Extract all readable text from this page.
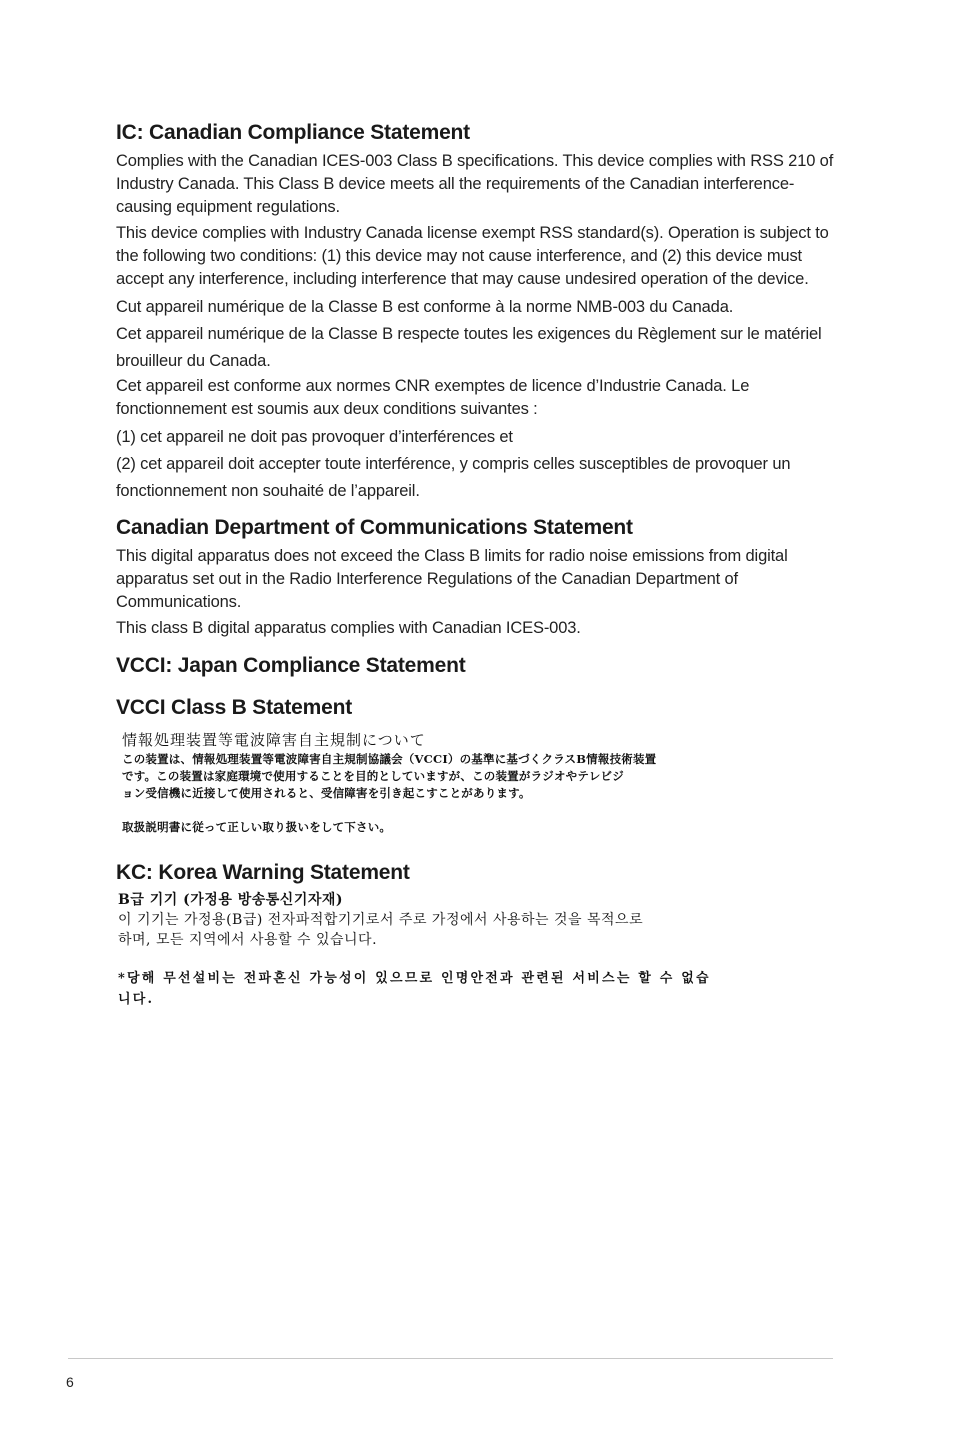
IC: Canadian Compliance Statement

Complies with the Canadian ICES-003 Class B specifications. This device complies with RSS 210 of Industry Canada. This Class B device meets all the requirements of the Canadian interference-causing equipment regulations.

This device complies with Industry Canada license exempt RSS standard(s). Operation is subject to the following two conditions: (1) this device may not cause interference, and (2) this device must accept any interference, including interference that may cause undesired operation of the device.

Cut appareil numérique de la Classe B est conforme à la norme NMB-003 du Canada.

Cet appareil numérique de la Classe B respecte toutes les exigences du Règlement sur le matériel brouilleur du Canada.

Cet appareil est conforme aux normes CNR exemptes de licence d’Industrie Canada. Le fonctionnement est soumis aux deux conditions suivantes :

(1) cet appareil ne doit pas provoquer d’interférences et

(2) cet appareil doit accepter toute interférence, y compris celles susceptibles de provoquer un fonctionnement non souhaité de l’appareil.

Canadian Department of Communications Statement

This digital apparatus does not exceed the Class B limits for radio noise emissions from digital apparatus set out in the Radio Interference Regulations of the Canadian Department of Communications.

This class B digital apparatus complies with Canadian ICES-003.

VCCI: Japan Compliance Statement
VCCI Class B Statement
情報処理装置等電波障害自主規制について
この装置は、情報処理装置等電波障害自主規制協議会（VCCI）の基準に基づくクラスB情報技術装置
です。この装置は家庭環境で使用することを目的としていますが、この装置がラジオやテレビジ
ョン受信機に近接して使用されると、受信障害を引き起こすことがあります。
取扱説明書に従って正しい取り扱いをして下さい。
KC: Korea Warning Statement
B급 기기 (가정용 방송통신기자재)
이 기기는 가정용(B급) 전자파적합기기로서 주로 가정에서 사용하는 것을 목적으로
하며, 모든 지역에서 사용할 수 있습니다.
*당해 무선설비는 전파혼신 가능성이 있으므로 인명안전과 관련된 서비스는 할 수 없습
니다.
6
